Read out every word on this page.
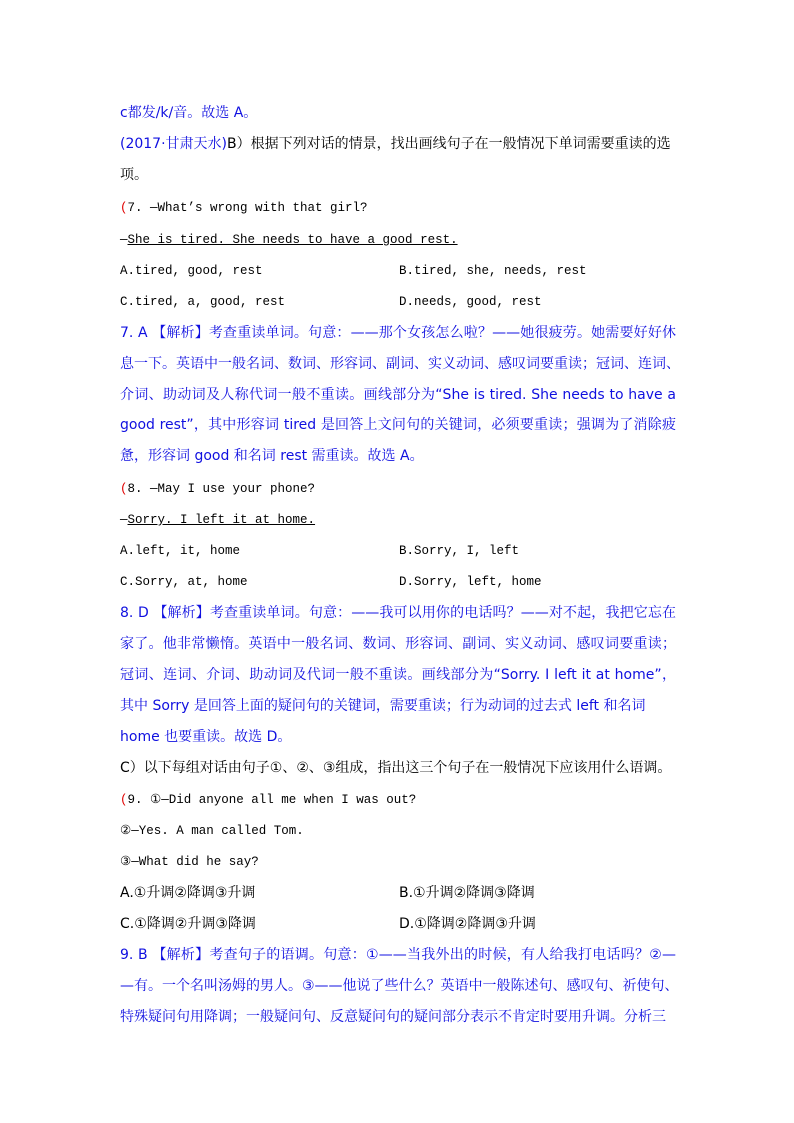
c都发/k/音。故选 A。
(2017·甘肃天水)B）根据下列对话的情景，找出画线句子在一般情况下单词需要重读的选
项。
(7. —What’s wrong with that girl?
—She is tired. She needs to have a good rest.
A.tired, good, rest	B.tired, she, needs, rest
C.tired, a, good, rest	D.needs, good, rest
7. A 【解析】考查重读单词。句意：——那个女孩怎么啦？——她很疲劳。她需要好好休
息一下。英语中一般名词、数词、形容词、副词、实义动词、感叹词要重读；冠词、连词、
介词、助动词及人称代词一般不重读。画线部分为“She is tired. She needs to have a
good rest”，其中形容词 tired 是回答上文问句的关键词，必须要重读；强调为了消除疲
惫，形容词 good 和名词 rest 需重读。故选 A。
(8. —May I use your phone?
—Sorry. I left it at home.
A.left, it, home	B.Sorry, I, left
C.Sorry, at, home	D.Sorry, left, home
8. D 【解析】考查重读单词。句意：——我可以用你的电话吗？——对不起，我把它忘在
家了。他非常懒惰。英语中一般名词、数词、形容词、副词、实义动词、感叹词要重读；
冠词、连词、介词、助动词及代词一般不重读。画线部分为“Sorry. I left it at home”，
其中 Sorry 是回答上面的疑问句的关键词，需要重读；行为动词的过去式 left 和名词
home 也要重读。故选 D。
C）以下每组对话由句子①、②、③组成，指出这三个句子在一般情况下应该用什么语调。
(9. ①—Did anyone all me when I was out?
②—Yes. A man called Tom.
③—What did he say?
A.①升调②降调③升调	B.①升调②降调③降调
C.①降调②升调③降调	D.①降调②降调③升调
9. B 【解析】考查句子的语调。句意：①——当我外出的时候，有人给我打电话吗？②—
—有。一个名叫汤姆的男人。③——他说了些什么？英语中一般陈述句、感叹句、祈使句、
特殊疑问句用降调；一般疑问句、反意疑问句的疑问部分表示不肯定时要用升调。分析三
